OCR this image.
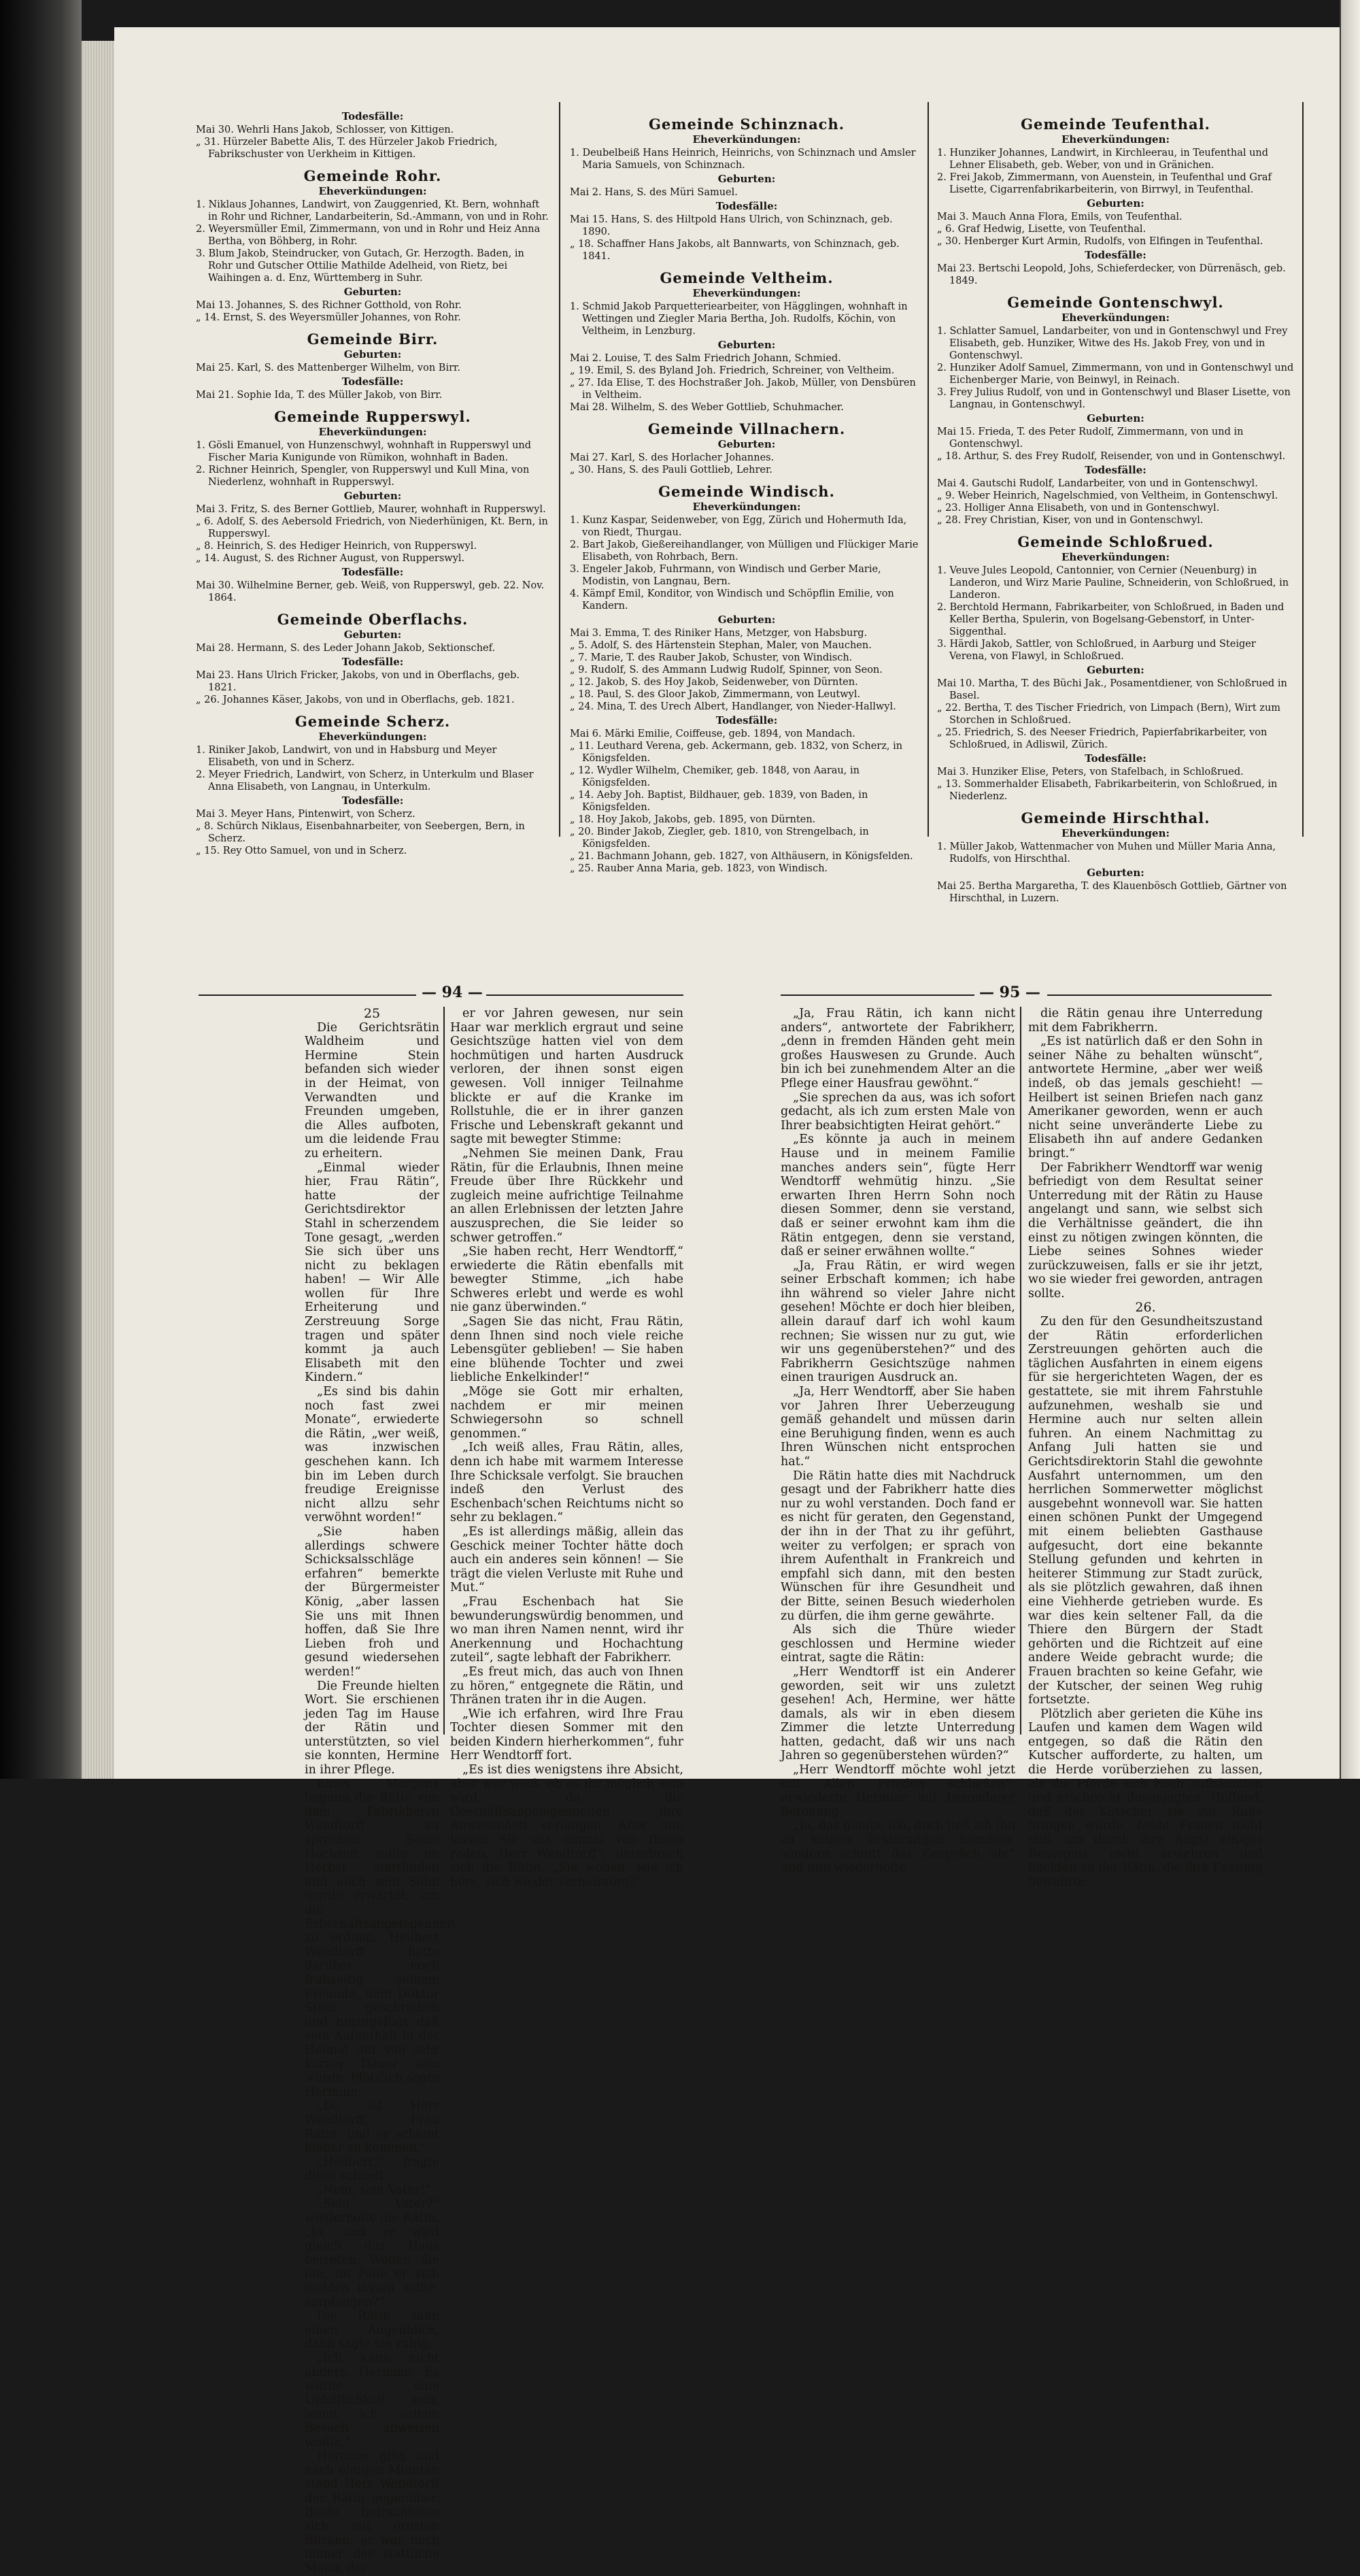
Todesfälle:
Mai 30. Wehrli Hans Jakob, Schlosser, von Kittigen.
„ 31. Hürzeler Babette Alis, T. des Hürzeler Jakob Friedrich, Fabrikschuster von Uerkheim in Kittigen.
Gemeinde Rohr.
Eheverkündungen:
1. Niklaus Johannes, Landwirt, von Zauggenried, Kt. Bern, wohnhaft in Rohr und Richner, Landarbeiterin, Sd.-Ammann, von und in Rohr.
2. Weyersmüller Emil, Zimmermann, von und in Rohr und Heiz Anna Bertha, von Böhberg, in Rohr.
3. Blum Jakob, Steindrucker, von Gutach, Gr. Herzogth. Baden, in Rohr und Gutscher Ottilie Mathilde Adelheid, von Rietz, bei Waihingen a. d. Enz, Württemberg in Suhr.
Geburten:
Mai 13. Johannes, S. des Richner Gotthold, von Rohr.
„ 14. Ernst, S. des Weyersmüller Johannes, von Rohr.
Gemeinde Birr.
Geburten:
Mai 25. Karl, S. des Mattenberger Wilhelm, von Birr.
Todesfälle:
Mai 21. Sophie Ida, T. des Müller Jakob, von Birr.
Gemeinde Rupperswyl.
Eheverkündungen:
1. Gösli Emanuel, von Hunzenschwyl, wohnhaft in Rupperswyl und Fischer Maria Kunigunde von Rümikon, wohnhaft in Baden.
2. Richner Heinrich, Spengler, von Rupperswyl und Kull Mina, von Niederlenz, wohnhaft in Rupperswyl.
Geburten:
Mai 3. Fritz, S. des Berner Gottlieb, Maurer, wohnhaft in Rupperswyl.
„ 6. Adolf, S. des Aebersold Friedrich, von Niederhünigen, Kt. Bern, in Rupperswyl.
„ 8. Heinrich, S. des Hediger Heinrich, von Rupperswyl.
„ 14. August, S. des Richner August, von Rupperswyl.
Todesfälle:
Mai 30. Wilhelmine Berner, geb. Weiß, von Rupperswyl, geb. 22. Nov. 1864.
Gemeinde Oberflachs.
Geburten:
Mai 28. Hermann, S. des Leder Johann Jakob, Sektionschef.
Todesfälle:
Mai 23. Hans Ulrich Fricker, Jakobs, von und in Oberflachs, geb. 1821.
„ 26. Johannes Käser, Jakobs, von und in Oberflachs, geb. 1821.
Gemeinde Scherz.
Eheverkündungen:
1. Riniker Jakob, Landwirt, von und in Habsburg und Meyer Elisabeth, von und in Scherz.
2. Meyer Friedrich, Landwirt, von Scherz, in Unterkulm und Blaser Anna Elisabeth, von Langnau, in Unterkulm.
Todesfälle:
Mai 3. Meyer Hans, Pintenwirt, von Scherz.
„ 8. Schürch Niklaus, Eisenbahnarbeiter, von Seebergen, Bern, in Scherz.
„ 15. Rey Otto Samuel, von und in Scherz.
Gemeinde Schinznach.
Eheverkündungen:
1. Deubelbeiß Hans Heinrich, Heinrichs, von Schinznach und Amsler Maria Samuels, von Schinznach.
Geburten:
Mai 2. Hans, S. des Müri Samuel.
Todesfälle:
Mai 15. Hans, S. des Hiltpold Hans Ulrich, von Schinznach, geb. 1890.
„ 18. Schaffner Hans Jakobs, alt Bannwarts, von Schinznach, geb. 1841.
Gemeinde Veltheim.
Eheverkündungen:
1. Schmid Jakob Parquetteriearbeiter, von Hägglingen, wohnhaft in Wettingen und Ziegler Maria Bertha, Joh. Rudolfs, Köchin, von Veltheim, in Lenzburg.
Geburten:
Mai 2. Louise, T. des Salm Friedrich Johann, Schmied.
„ 19. Emil, S. des Byland Joh. Friedrich, Schreiner, von Veltheim.
„ 27. Ida Elise, T. des Hochstraßer Joh. Jakob, Müller, von Densbüren in Veltheim.
Mai 28. Wilhelm, S. des Weber Gottlieb, Schuhmacher.
Gemeinde Villnachern.
Geburten:
Mai 27. Karl, S. des Horlacher Johannes.
„ 30. Hans, S. des Pauli Gottlieb, Lehrer.
Gemeinde Windisch.
Eheverkündungen:
1. Kunz Kaspar, Seidenweber, von Egg, Zürich und Hohermuth Ida, von Riedt, Thurgau.
2. Bart Jakob, Gießereihandlanger, von Mülligen und Flückiger Marie Elisabeth, von Rohrbach, Bern.
3. Engeler Jakob, Fuhrmann, von Windisch und Gerber Marie, Modistin, von Langnau, Bern.
4. Kämpf Emil, Konditor, von Windisch und Schöpflin Emilie, von Kandern.
Geburten:
Mai 3. Emma, T. des Riniker Hans, Metzger, von Habsburg.
„ 5. Adolf, S. des Härtenstein Stephan, Maler, von Mauchen.
„ 7. Marie, T. des Rauber Jakob, Schuster, von Windisch.
„ 9. Rudolf, S. des Ammann Ludwig Rudolf, Spinner, von Seon.
„ 12. Jakob, S. des Hoy Jakob, Seidenweber, von Dürnten.
„ 18. Paul, S. des Gloor Jakob, Zimmermann, von Leutwyl.
„ 24. Mina, T. des Urech Albert, Handlanger, von Nieder-Hallwyl.
Todesfälle:
Mai 6. Märki Emilie, Coiffeuse, geb. 1894, von Mandach.
„ 11. Leuthard Verena, geb. Ackermann, geb. 1832, von Scherz, in Königsfelden.
„ 12. Wydler Wilhelm, Chemiker, geb. 1848, von Aarau, in Königsfelden.
„ 14. Aeby Joh. Baptist, Bildhauer, geb. 1839, von Baden, in Königsfelden.
„ 18. Hoy Jakob, Jakobs, geb. 1895, von Dürnten.
„ 20. Binder Jakob, Ziegler, geb. 1810, von Strengelbach, in Königsfelden.
„ 21. Bachmann Johann, geb. 1827, von Althäusern, in Königsfelden.
„ 25. Rauber Anna Maria, geb. 1823, von Windisch.
Gemeinde Teufenthal.
Eheverkündungen:
1. Hunziker Johannes, Landwirt, in Kirchleerau, in Teufenthal und Lehner Elisabeth, geb. Weber, von und in Gränichen.
2. Frei Jakob, Zimmermann, von Auenstein, in Teufenthal und Graf Lisette, Cigarrenfabrikarbeiterin, von Birrwyl, in Teufenthal.
Geburten:
Mai 3. Mauch Anna Flora, Emils, von Teufenthal.
„ 6. Graf Hedwig, Lisette, von Teufenthal.
„ 30. Henberger Kurt Armin, Rudolfs, von Elfingen in Teufenthal.
Todesfälle:
Mai 23. Bertschi Leopold, Johs, Schieferdecker, von Dürrenäsch, geb. 1849.
Gemeinde Gontenschwyl.
Eheverkündungen:
1. Schlatter Samuel, Landarbeiter, von und in Gontenschwyl und Frey Elisabeth, geb. Hunziker, Witwe des Hs. Jakob Frey, von und in Gontenschwyl.
2. Hunziker Adolf Samuel, Zimmermann, von und in Gontenschwyl und Eichenberger Marie, von Beinwyl, in Reinach.
3. Frey Julius Rudolf, von und in Gontenschwyl und Blaser Lisette, von Langnau, in Gontenschwyl.
Geburten:
Mai 15. Frieda, T. des Peter Rudolf, Zimmermann, von und in Gontenschwyl.
„ 18. Arthur, S. des Frey Rudolf, Reisender, von und in Gontenschwyl.
Todesfälle:
Mai 4. Gautschi Rudolf, Landarbeiter, von und in Gontenschwyl.
„ 9. Weber Heinrich, Nagelschmied, von Veltheim, in Gontenschwyl.
„ 23. Holliger Anna Elisabeth, von und in Gontenschwyl.
„ 28. Frey Christian, Kiser, von und in Gontenschwyl.
Gemeinde Schloßrued.
Eheverkündungen:
1. Veuve Jules Leopold, Cantonnier, von Cernier (Neuenburg) in Landeron, und Wirz Marie Pauline, Schneiderin, von Schloßrued, in Landeron.
2. Berchtold Hermann, Fabrikarbeiter, von Schloßrued, in Baden und Keller Bertha, Spulerin, von Bogelsang-Gebenstorf, in Unter-Siggenthal.
3. Härdi Jakob, Sattler, von Schloßrued, in Aarburg und Steiger Verena, von Flawyl, in Schloßrued.
Geburten:
Mai 10. Martha, T. des Büchi Jak., Posamentdiener, von Schloßrued in Basel.
„ 22. Bertha, T. des Tischer Friedrich, von Limpach (Bern), Wirt zum Storchen in Schloßrued.
„ 25. Friedrich, S. des Neeser Friedrich, Papierfabrikarbeiter, von Schloßrued, in Adliswil, Zürich.
Todesfälle:
Mai 3. Hunziker Elise, Peters, von Stafelbach, in Schloßrued.
„ 13. Sommerhalder Elisabeth, Fabrikarbeiterin, von Schloßrued, in Niederlenz.
Gemeinde Hirschthal.
Eheverkündungen:
1. Müller Jakob, Wattenmacher von Muhen und Müller Maria Anna, Rudolfs, von Hirschthal.
Geburten:
Mai 25. Bertha Margaretha, T. des Klauenbösch Gottlieb, Gärtner von Hirschthal, in Luzern.
— 94 —	— 95 —

25

Die Gerichtsrätin Waldheim und Hermine Stein befanden sich wieder in der Heimat, von Verwandten und Freunden umgeben, die Alles aufboten, um die leidende Frau zu erheitern.

„Einmal wieder hier, Frau Rätin“, hatte der Gerichtsdirektor Stahl in scherzendem Tone gesagt, „werden Sie sich über uns nicht zu beklagen haben! — Wir Alle wollen für Ihre Erheiterung und Zerstreuung Sorge tragen und später kommt ja auch Elisabeth mit den Kindern.“

„Es sind bis dahin noch fast zwei Monate“, erwiederte die Rätin, „wer weiß, was inzwischen geschehen kann. Ich bin im Leben durch freudige Ereignisse nicht allzu sehr verwöhnt worden!“

„Sie haben allerdings schwere Schicksalsschläge erfahren“ bemerkte der Bürgermeister König, „aber lassen Sie uns mit Ihnen hoffen, daß Sie Ihre Lieben froh und gesund wiedersehen werden!“

Die Freunde hielten Wort. Sie erschienen jeden Tag im Hause der Rätin und unterstützten, so viel sie konnten, Hermine in ihrer Pflege.

Eines Morgens begann die Rätin von dem Fabrikherrn Wendtorff zu sprechen. Seine Hochzeit sollte im Herbst stattfinden und auch sein Sohn wurde erwartet, um die Erbschaftsangelegenheit zu ordnen. Heilbert Wendtorff hatte darüber noch frühzeitig seinem Freunde, dem Doktor Stein geschrieben und hinzugefügt daß sein Aufenthalt in der Heimat nur von sehr kurzer Dauer sein würde. Plötzlich sagte Hermine:

„Da ist Herr Wendtorff, Frau Rätin, und er scheint hieher zu kommen.“

„Heilbert?“ fragte diese schnell.

„Nein, sein Vater!“

„Sein Vater?“ wiederholte die Rätin. „Ja, und er wird gleich das Haus betreten. Wollen Sie ihn, im Falle er sich melden lassen sollte, empfangen?“

Die Rätin sann einen Augenblick, dann sagte sie ruhig:

„Ich kann nicht anders, Hermine. Es würde eine Unhöflichkeit sein, wenn ich seinen Besuch abweisen wollte.“

Hermine ging und nach einigen Minuten stand Herr Wendtorff der Rätin gegenüber. Beide betrachteten sich mit ernsten Blicken; er war noch immer der stattliche Mann, der

er vor Jahren gewesen, nur sein Haar war merklich ergraut und seine Gesichtszüge hatten viel von dem hochmütigen und harten Ausdruck verloren, der ihnen sonst eigen gewesen. Voll inniger Teilnahme blickte er auf die Kranke im Rollstuhle, die er in ihrer ganzen Frische und Lebenskraft gekannt und sagte mit bewegter Stimme:

„Nehmen Sie meinen Dank, Frau Rätin, für die Erlaubnis, Ihnen meine Freude über Ihre Rückkehr und zugleich meine aufrichtige Teilnahme an allen Erlebnissen der letzten Jahre auszusprechen, die Sie leider so schwer getroffen.“

„Sie haben recht, Herr Wendtorff,“ erwiederte die Rätin ebenfalls mit bewegter Stimme, „ich habe Schweres erlebt und werde es wohl nie ganz überwinden.“

„Sagen Sie das nicht, Frau Rätin, denn Ihnen sind noch viele reiche Lebensgüter geblieben! — Sie haben eine blühende Tochter und zwei liebliche Enkelkinder!“

„Möge sie Gott mir erhalten, nachdem er mir meinen Schwiegersohn so schnell genommen.“

„Ich weiß alles, Frau Rätin, alles, denn ich habe mit warmem Interesse Ihre Schicksale verfolgt. Sie brauchen indeß den Verlust des Eschenbach'schen Reichtums nicht so sehr zu beklagen.“

„Es ist allerdings mäßig, allein das Geschick meiner Tochter hätte doch auch ein anderes sein können! — Sie trägt die vielen Verluste mit Ruhe und Mut.“

„Frau Eschenbach hat Sie bewunderungswürdig benommen, und wo man ihren Namen nennt, wird ihr Anerkennung und Hochachtung zuteil“, sagte lebhaft der Fabrikherr.

„Es freut mich, das auch von Ihnen zu hören,“ entgegnete die Rätin, und Thränen traten ihr in die Augen.

„Wie ich erfahren, wird Ihre Frau Tochter diesen Sommer mit den beiden Kindern hierherkommen“, fuhr Herr Wendtorff fort.

„Es ist dies wenigstens ihre Absicht, aber wer weiß, ob es ihr möglich sein wird, da die Geschäftsangelegenheiten ihre Anwesenheit verlangen. Aber nun lassen Sie uns einmal von Ihnen reden, Herr Wendtorff“, unterbrach sich die Rätin. „Sie wollen, wie ich höre, sich wieder verheiraten?“

„Ja, Frau Rätin, ich kann nicht anders“, antwortete der Fabrikherr, „denn in fremden Händen geht mein großes Hauswesen zu Grunde. Auch bin ich bei zunehmendem Alter an die Pflege einer Hausfrau gewöhnt.“

„Sie sprechen da aus, was ich sofort gedacht, als ich zum ersten Male von Ihrer beabsichtigten Heirat gehört.“

„Es könnte ja auch in meinem Hause und in meinem Familie manches anders sein“, fügte Herr Wendtorff wehmütig hinzu. „Sie erwarten Ihren Herrn Sohn noch diesen Sommer, denn sie verstand, daß er seiner erwohnt kam ihm die Rätin entgegen, denn sie verstand, daß er seiner erwähnen wollte.“

„Ja, Frau Rätin, er wird wegen seiner Erbschaft kommen; ich habe ihn während so vieler Jahre nicht gesehen! Möchte er doch hier bleiben, allein darauf darf ich wohl kaum rechnen; Sie wissen nur zu gut, wie wir uns gegenüberstehen?“ und des Fabrikherrn Gesichtszüge nahmen einen traurigen Ausdruck an.

„Ja, Herr Wendtorff, aber Sie haben vor Jahren Ihrer Ueberzeugung gemäß gehandelt und müssen darin eine Beruhigung finden, wenn es auch Ihren Wünschen nicht entsprochen hat.“

Die Rätin hatte dies mit Nachdruck gesagt und der Fabrikherr hatte dies nur zu wohl verstanden. Doch fand er es nicht für geraten, den Gegenstand, der ihn in der That zu ihr geführt, weiter zu verfolgen; er sprach von ihrem Aufenthalt in Frankreich und empfahl sich dann, mit den besten Wünschen für ihre Gesundheit und der Bitte, seinen Besuch wiederholen zu dürfen, die ihm gerne gewährte.

Als sich die Thüre wieder geschlossen und Hermine wieder eintrat, sagte die Rätin:

„Herr Wendtorff ist ein Anderer geworden, seit wir uns zuletzt gesehen! Ach, Hermine, wer hätte damals, als wir in eben diesem Zimmer die letzte Unterredung hatten, gedacht, daß wir uns nach Jahren so gegenüberstehen würden?“

„Herr Wendtorff möchte wohl jetzt mit Allen Frieden schließen“, erwiederte Hermine mit besonderer Betonung.

„Ja, das glaube ich, doch ließ ich ihn zu keinen Erklärungen kommen, sondern schnitt das Gespräch ab;“ und nun wiederholte

die Rätin genau ihre Unterredung mit dem Fabrikherrn.

„Es ist natürlich daß er den Sohn in seiner Nähe zu behalten wünscht“, antwortete Hermine, „aber wer weiß indeß, ob das jemals geschieht! — Heilbert ist seinen Briefen nach ganz Amerikaner geworden, wenn er auch nicht seine unveränderte Liebe zu Elisabeth ihn auf andere Gedanken bringt.“

Der Fabrikherr Wendtorff war wenig befriedigt von dem Resultat seiner Unterredung mit der Rätin zu Hause angelangt und sann, wie selbst sich die Verhältnisse geändert, die ihn einst zu nötigen zwingen könnten, die Liebe seines Sohnes wieder zurückzuweisen, falls er sie ihr jetzt, wo sie wieder frei geworden, antragen sollte.

26.

Zu den für den Gesundheitszustand der Rätin erforderlichen Zerstreuungen gehörten auch die täglichen Ausfahrten in einem eigens für sie hergerichteten Wagen, der es gestattete, sie mit ihrem Fahrstuhle aufzunehmen, weshalb sie und Hermine auch nur selten allein fuhren. An einem Nachmittag zu Anfang Juli hatten sie und Gerichtsdirektorin Stahl die gewohnte Ausfahrt unternommen, um den herrlichen Sommerwetter möglichst ausgebehnt wonnevoll war. Sie hatten einen schönen Punkt der Umgegend mit einem beliebten Gasthause aufgesucht, dort eine bekannte Stellung gefunden und kehrten in heiterer Stimmung zur Stadt zurück, als sie plötzlich gewahren, daß ihnen eine Viehherde getrieben wurde. Es war dies kein seltener Fall, da die Thiere den Bürgern der Stadt gehörten und die Richtzeit auf eine andere Weide gebracht wurde; die Frauen brachten so keine Gefahr, wie der Kutscher, der seinen Weg ruhig fortsetzte.

Plötzlich aber gerieten die Kühe ins Laufen und kamen dem Wagen wild entgegen, so daß die Rätin den Kutscher aufforderte, zu halten, um die Herde vorüberziehen zu lassen, als die Pferde sich hoch aufbäumten und erschreckt davonjagten. Hoffend, daß der Kutscher sie zur Ruhe bringen würde, beide Frauen nicht still, um durch ihre Angst einiger Besorgnis nicht erwehren und blickten zu der Rätin, die ihre Fassung bewahrte.
